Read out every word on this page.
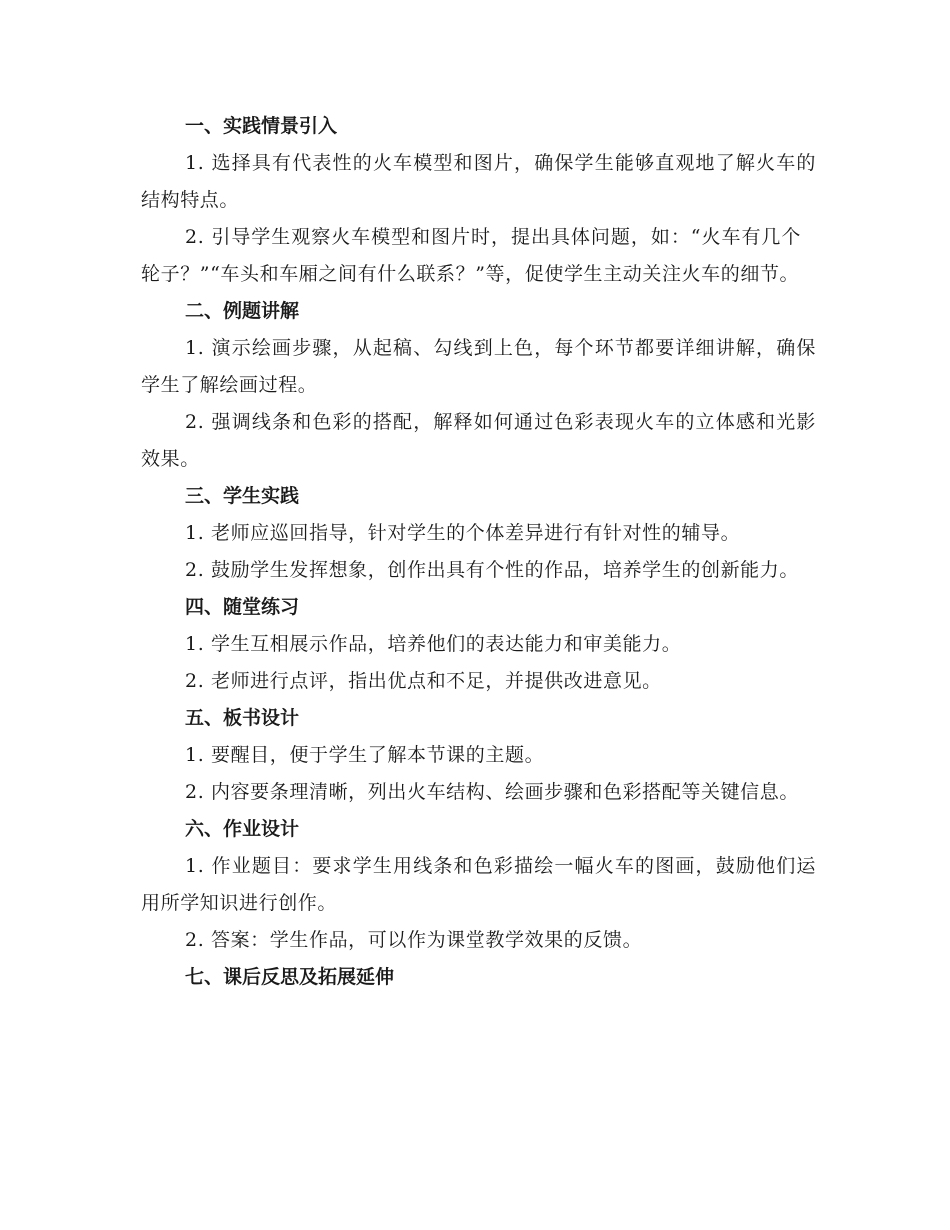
一、实践情景引入
1. 选择具有代表性的火车模型和图片，确保学生能够直观地了解火车的结构特点。
2. 引导学生观察火车模型和图片时，提出具体问题，如：“火车有几个轮子？”“车头和车厢之间有什么联系？”等，促使学生主动关注火车的细节。
二、例题讲解
1. 演示绘画步骤，从起稿、勾线到上色，每个环节都要详细讲解，确保学生了解绘画过程。
2. 强调线条和色彩的搭配，解释如何通过色彩表现火车的立体感和光影效果。
三、学生实践
1. 老师应巡回指导，针对学生的个体差异进行有针对性的辅导。
2. 鼓励学生发挥想象，创作出具有个性的作品，培养学生的创新能力。
四、随堂练习
1. 学生互相展示作品，培养他们的表达能力和审美能力。
2. 老师进行点评，指出优点和不足，并提供改进意见。
五、板书设计
1. 要醒目，便于学生了解本节课的主题。
2. 内容要条理清晰，列出火车结构、绘画步骤和色彩搭配等关键信息。
六、作业设计
1. 作业题目：要求学生用线条和色彩描绘一幅火车的图画，鼓励他们运用所学知识进行创作。
2. 答案：学生作品，可以作为课堂教学效果的反馈。
七、课后反思及拓展延伸
